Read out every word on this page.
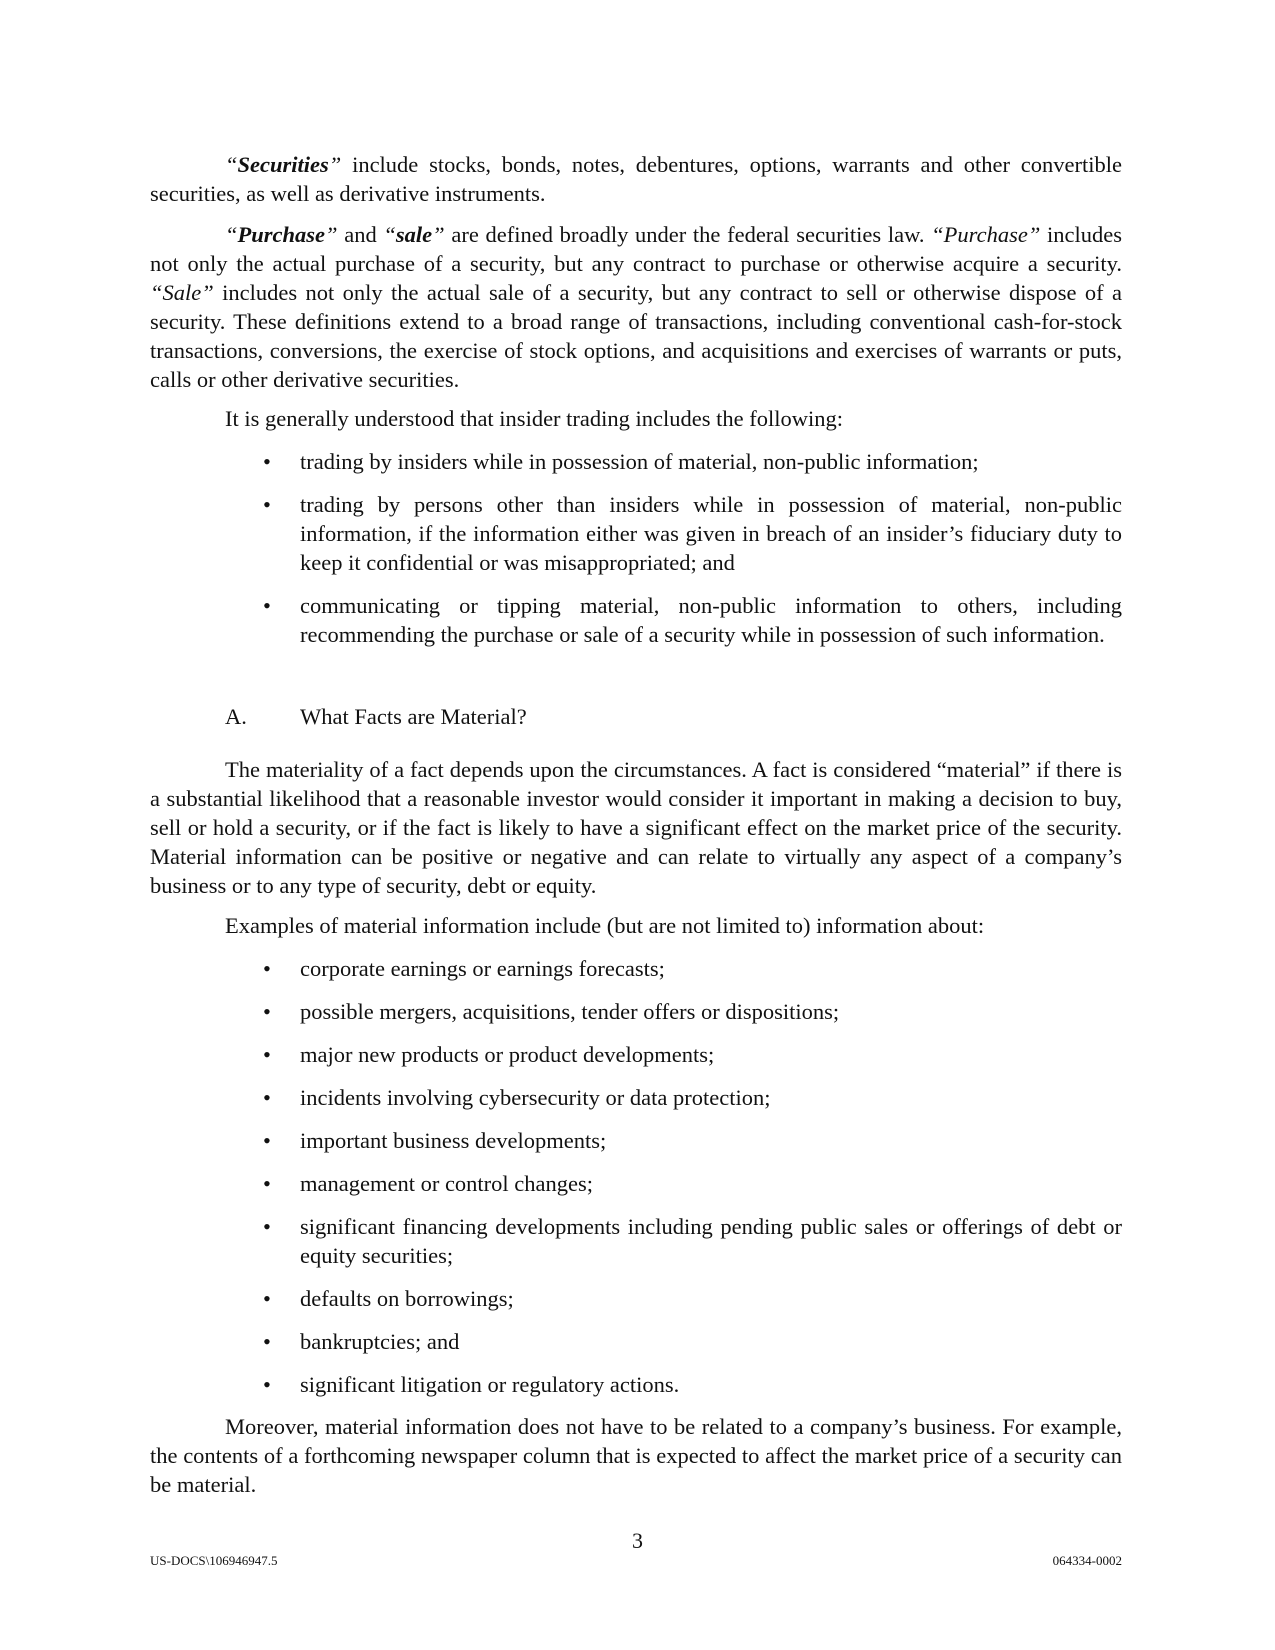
“Securities” include stocks, bonds, notes, debentures, options, warrants and other convertible securities, as well as derivative instruments.
“Purchase” and “sale” are defined broadly under the federal securities law. “Purchase” includes not only the actual purchase of a security, but any contract to purchase or otherwise acquire a security. “Sale” includes not only the actual sale of a security, but any contract to sell or otherwise dispose of a security. These definitions extend to a broad range of transactions, including conventional cash-for-stock transactions, conversions, the exercise of stock options, and acquisitions and exercises of warrants or puts, calls or other derivative securities.
It is generally understood that insider trading includes the following:
• trading by insiders while in possession of material, non-public information;
• trading by persons other than insiders while in possession of material, non-public information, if the information either was given in breach of an insider’s fiduciary duty to keep it confidential or was misappropriated; and
• communicating or tipping material, non-public information to others, including recommending the purchase or sale of a security while in possession of such information.
A. What Facts are Material?
The materiality of a fact depends upon the circumstances. A fact is considered “material” if there is a substantial likelihood that a reasonable investor would consider it important in making a decision to buy, sell or hold a security, or if the fact is likely to have a significant effect on the market price of the security. Material information can be positive or negative and can relate to virtually any aspect of a company’s business or to any type of security, debt or equity.
Examples of material information include (but are not limited to) information about:
• corporate earnings or earnings forecasts;
• possible mergers, acquisitions, tender offers or dispositions;
• major new products or product developments;
• incidents involving cybersecurity or data protection;
• important business developments;
• management or control changes;
• significant financing developments including pending public sales or offerings of debt or equity securities;
• defaults on borrowings;
• bankruptcies; and
• significant litigation or regulatory actions.
Moreover, material information does not have to be related to a company’s business. For example, the contents of a forthcoming newspaper column that is expected to affect the market price of a security can be material.
3
US-DOCS\106946947.5	064334-0002
